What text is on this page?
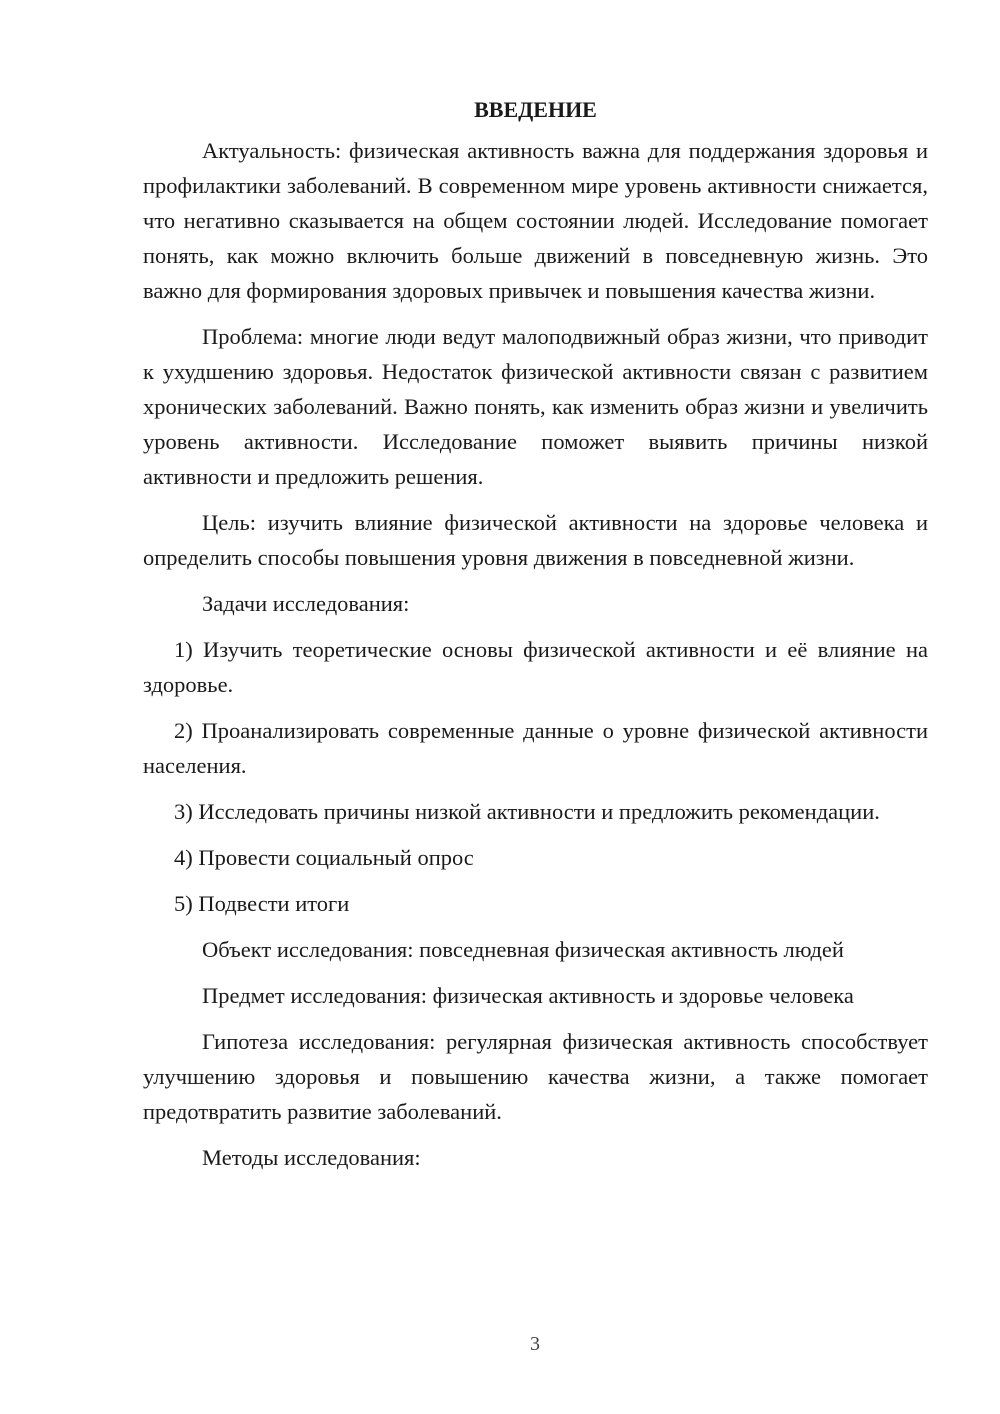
ВВЕДЕНИЕ

Актуальность: физическая активность важна для поддержания здоровья и профилактики заболеваний. В современном мире уровень активности снижается, что негативно сказывается на общем состоянии людей. Исследование помогает понять, как можно включить больше движений в повседневную жизнь. Это важно для формирования здоровых привычек и повышения качества жизни.

Проблема: многие люди ведут малоподвижный образ жизни, что приводит к ухудшению здоровья. Недостаток физической активности связан с развитием хронических заболеваний. Важно понять, как изменить образ жизни и увеличить уровень активности. Исследование поможет выявить причины низкой активности и предложить решения.

Цель: изучить влияние физической активности на здоровье человека и определить способы повышения уровня движения в повседневной жизни.

Задачи исследования:

1) Изучить теоретические основы физической активности и её влияние на здоровье.

2) Проанализировать современные данные о уровне физической активности населения.

3) Исследовать причины низкой активности и предложить рекомендации.

4) Провести социальный опрос

5) Подвести итоги

Объект исследования: повседневная физическая активность людей

Предмет исследования: физическая активность и здоровье человека

Гипотеза исследования: регулярная физическая активность способствует улучшению здоровья и повышению качества жизни, а также помогает предотвратить развитие заболеваний.

Методы исследования:

3
